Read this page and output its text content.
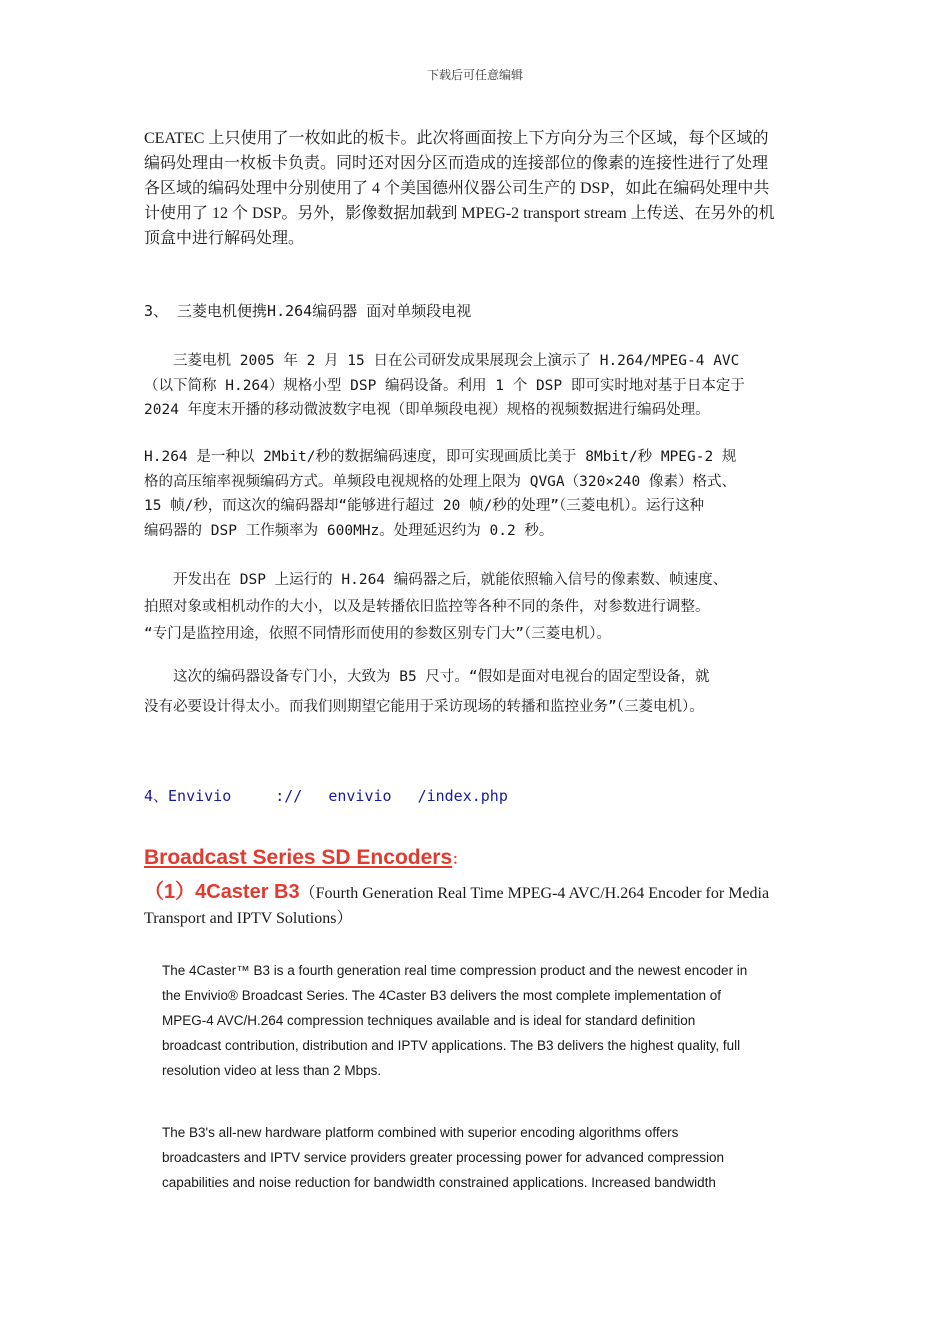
下载后可任意编辑

CEATEC 上只使用了一枚如此的板卡。此次将画面按上下方向分为三个区域，每个区域的

编码处理由一枚板卡负责。同时还对因分区而造成的连接部位的像素的连接性进行了处理

各区域的编码处理中分别使用了 4 个美国德州仪器公司生产的 DSP，如此在编码处理中共

计使用了 12 个 DSP。另外，影像数据加载到 MPEG-2 transport stream 上传送、在另外的机

顶盒中进行解码处理。

3、 三菱电机便携H.264编码器 面对单频段电视
三菱电机 2005 年 2 月 15 日在公司研发成果展现会上演示了 H.264/MPEG-4 AVC
（以下简称 H.264）规格小型 DSP 编码设备。利用 1 个 DSP 即可实时地对基于日本定于
2024 年度末开播的移动微波数字电视（即单频段电视）规格的视频数据进行编码处理。
H.264 是一种以 2Mbit/秒的数据编码速度，即可实现画质比美于 8Mbit/秒 MPEG-2 规
格的高压缩率视频编码方式。单频段电视规格的处理上限为 QVGA（320×240 像素）格式、
15 帧/秒，而这次的编码器却“能够进行超过 20 帧/秒的处理”（三菱电机）。运行这种
编码器的 DSP 工作频率为 600MHz。处理延迟约为 0.2 秒。
开发出在 DSP 上运行的 H.264 编码器之后，就能依照输入信号的像素数、帧速度、
拍照对象或相机动作的大小，以及是转播依旧监控等各种不同的条件，对参数进行调整。
“专门是监控用途，依照不同情形而使用的参数区别专门大”（三菱电机）。
这次的编码器设备专门小，大致为 B5 尺寸。“假如是面对电视台的固定型设备，就
没有必要设计得太小。而我们则期望它能用于采访现场的转播和监控业务”（三菱电机）。
4、Envivio	:// envivio /index.php
Broadcast Series SD Encoders：
（1）4Caster B3（Fourth Generation Real Time MPEG-4 AVC/H.264 Encoder for Media Transport and IPTV Solutions）
The 4Caster™ B3 is a fourth generation real time compression product and the newest encoder in
the Envivio® Broadcast Series. The 4Caster B3 delivers the most complete implementation of
MPEG-4 AVC/H.264 compression techniques available and is ideal for standard definition
broadcast contribution, distribution and IPTV applications. The B3 delivers the highest quality, full
resolution video at less than 2 Mbps.
The B3's all-new hardware platform combined with superior encoding algorithms offers
broadcasters and IPTV service providers greater processing power for advanced compression
capabilities and noise reduction for bandwidth constrained applications. Increased bandwidth
